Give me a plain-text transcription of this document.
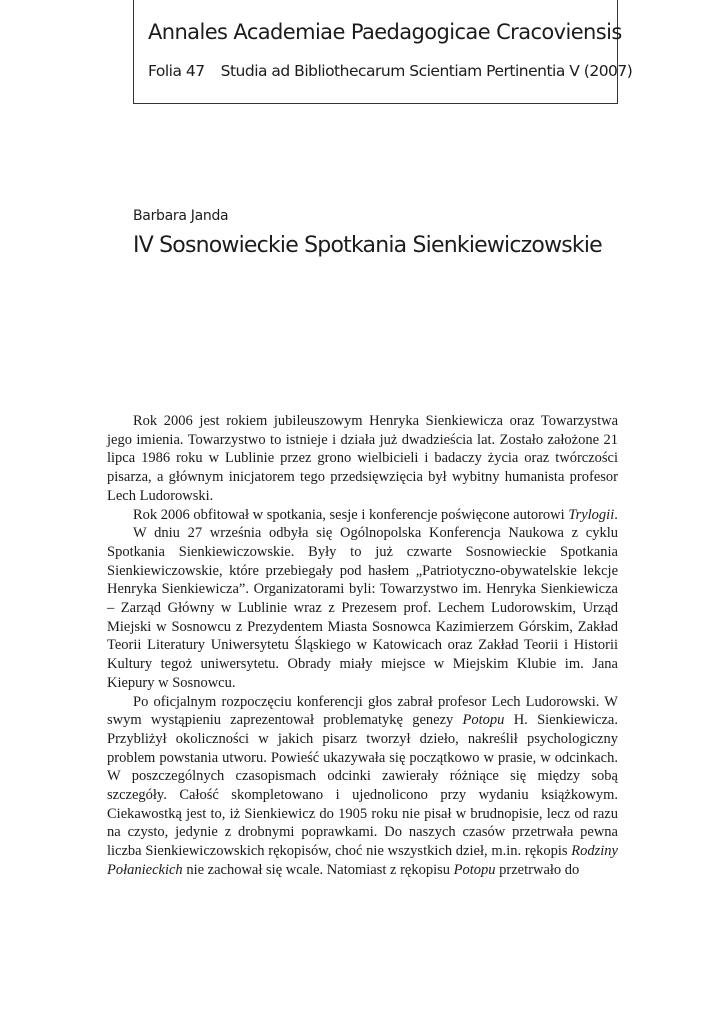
Annales Academiae Paedagogicae Cracoviensis
Folia 47 Studia ad Bibliothecarum Scientiam Pertinentia V (2007)
Barbara Janda
IV Sosnowieckie Spotkania Sienkiewiczowskie

Rok 2006 jest rokiem jubileuszowym Henryka Sienkiewicza oraz Towarzystwa jego imienia. Towarzystwo to istnieje i działa już dwadzieścia lat. Zostało założone 21 lipca 1986 roku w Lublinie przez grono wielbicieli i badaczy życia oraz twórczości pisarza, a głównym inicjatorem tego przedsięwzięcia był wybitny humanista profesor Lech Ludorowski.

Rok 2006 obfitował w spotkania, sesje i konferencje poświęcone autorowi Trylogii.

W dniu 27 września odbyła się Ogólnopolska Konferencja Naukowa z cyklu Spotkania Sienkiewiczowskie. Były to już czwarte Sosnowieckie Spotkania Sienkiewiczowskie, które przebiegały pod hasłem „Patriotyczno-obywatelskie lekcje Henryka Sienkiewicza”. Organizatorami byli: Towarzystwo im. Henryka Sienkiewicza – Zarząd Główny w Lublinie wraz z Prezesem prof. Lechem Ludorowskim, Urząd Miejski w Sosnowcu z Prezydentem Miasta Sosnowca Kazimierzem Górskim, Zakład Teorii Literatury Uniwersytetu Śląskiego w Katowicach oraz Zakład Teorii i Historii Kultury tegoż uniwersytetu. Obrady miały miejsce w Miejskim Klubie im. Jana Kiepury w Sosnowcu.

Po oficjalnym rozpoczęciu konferencji głos zabrał profesor Lech Ludorowski. W swym wystąpieniu zaprezentował problematykę genezy Potopu H. Sienkiewicza. Przybliżył okoliczności w jakich pisarz tworzył dzieło, nakreślił psychologiczny problem powstania utworu. Powieść ukazywała się początkowo w prasie, w odcinkach. W poszczególnych czasopismach odcinki zawierały różniące się między sobą szczegóły. Całość skompletowano i ujednolicono przy wydaniu książkowym. Ciekawostką jest to, iż Sienkiewicz do 1905 roku nie pisał w brudnopisie, lecz od razu na czysto, jedynie z drobnymi poprawkami. Do naszych czasów przetrwała pewna liczba Sienkiewiczowskich rękopisów, choć nie wszystkich dzieł, m.in. rękopis Rodziny Połanieckich nie zachował się wcale. Natomiast z rękopisu Potopu przetrwało do
